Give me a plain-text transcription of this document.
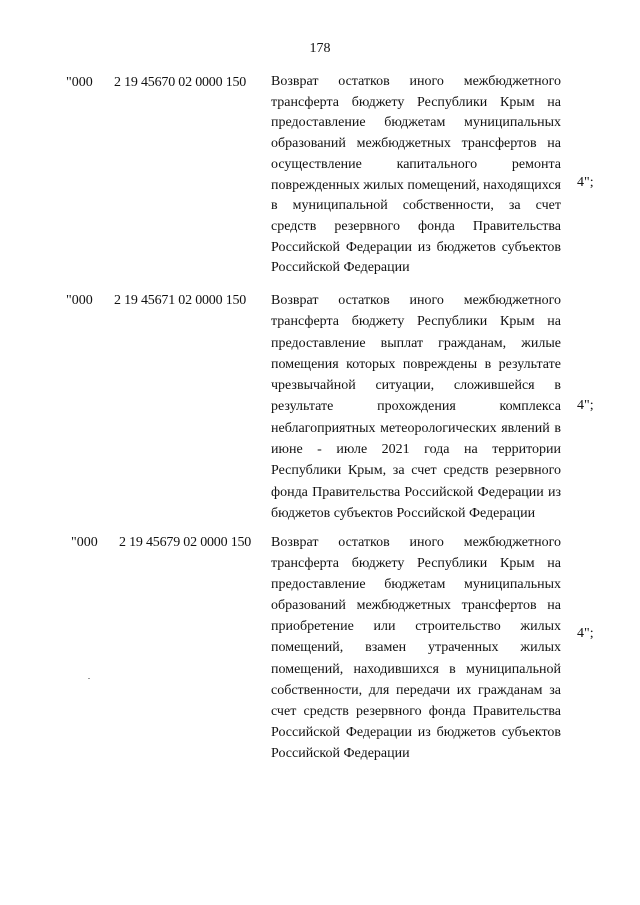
178
"000 2 19 45670 02 0000 150 Возврат остатков иного межбюджетного трансферта бюджету Республики Крым на предоставление бюджетам муниципальных образований межбюджетных трансфертов на осуществление капитального ремонта поврежденных жилых помещений, находящихся в муниципальной собственности, за счет средств резервного фонда Правительства Российской Федерации из бюджетов субъектов Российской Федерации
4";
"000 2 19 45671 02 0000 150 Возврат остатков иного межбюджетного трансферта бюджету Республики Крым на предоставление выплат гражданам, жилые помещения которых повреждены в результате чрезвычайной ситуации, сложившейся в результате прохождения комплекса неблагоприятных метеорологических явлений в июне - июле 2021 года на территории Республики Крым, за счет средств резервного фонда Правительства Российской Федерации из бюджетов субъектов Российской Федерации
4";
"000 2 19 45679 02 0000 150 Возврат остатков иного межбюджетного трансферта бюджету Республики Крым на предоставление бюджетам муниципальных образований межбюджетных трансфертов на приобретение или строительство жилых помещений, взамен утраченных жилых помещений, находившихся в муниципальной собственности, для передачи их гражданам за счет средств резервного фонда Правительства Российской Федерации из бюджетов субъектов Российской Федерации
4";
